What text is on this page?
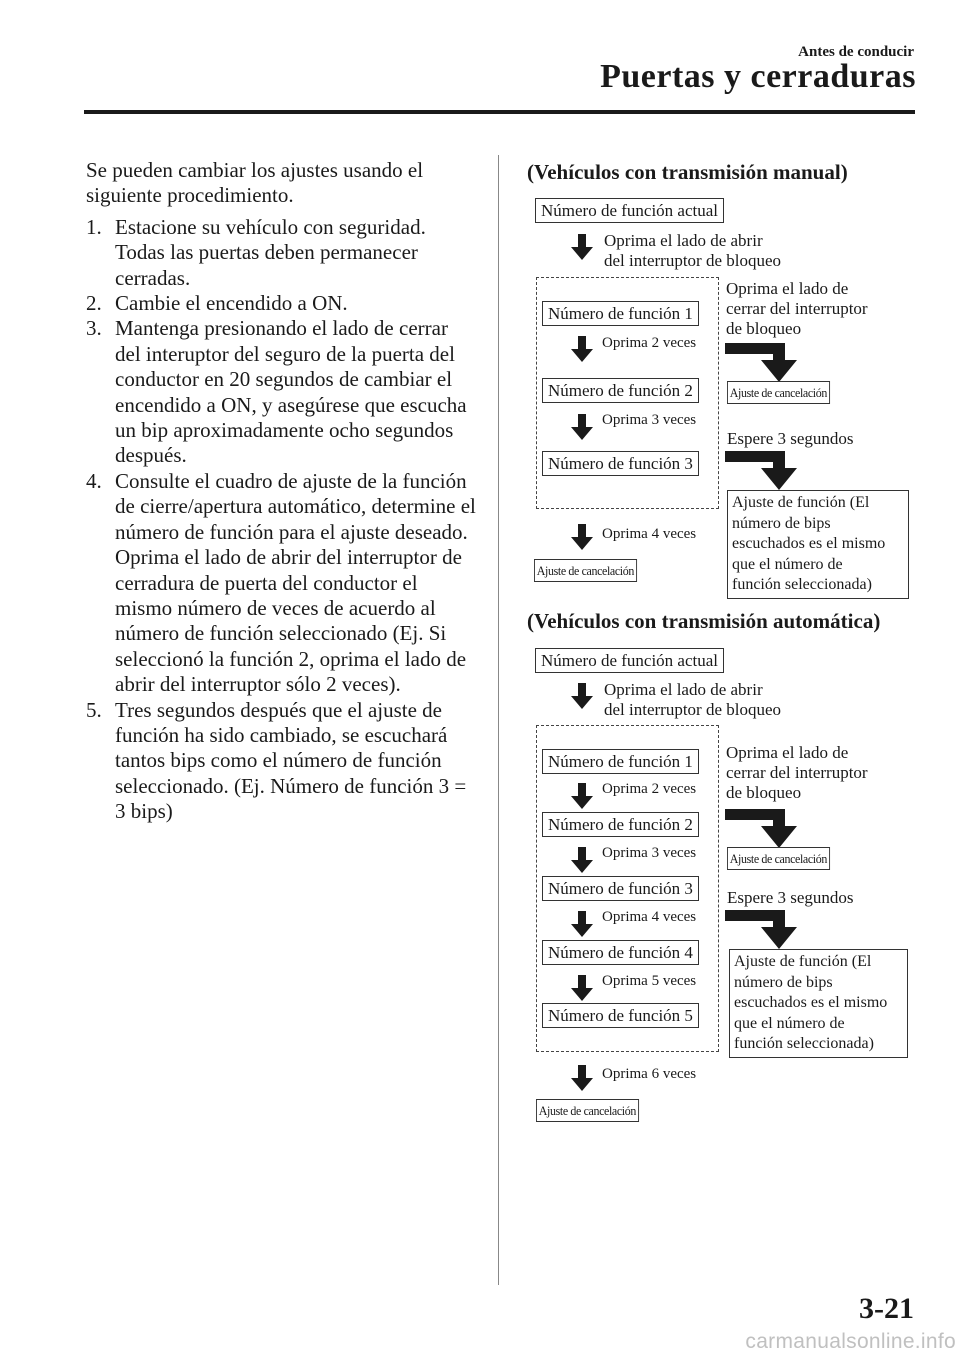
Antes de conducir
Puertas y cerraduras

Se pueden cambiar los ajustes usando el siguiente procedimiento.

1. Estacione su vehículo con seguridad. Todas las puertas deben permanecer cerradas.
2. Cambie el encendido a ON.
3. Mantenga presionando el lado de cerrar del interuptor del seguro de la puerta del conductor en 20 segundos de cambiar el encendido a ON, y asegúrese que escucha un bip aproximadamente ocho segundos después.
4. Consulte el cuadro de ajuste de la función de cierre/apertura automático, determine el número de función para el ajuste deseado. Oprima el lado de abrir del interruptor de cerradura de puerta del conductor el mismo número de veces de acuerdo al número de función seleccionado (Ej. Si seleccionó la función 2, oprima el lado de abrir del interruptor sólo 2 veces).
5. Tres segundos después que el ajuste de función ha sido cambiado, se escuchará tantos bips como el número de función seleccionado. (Ej. Número de función 3 = 3 bips)
(Vehículos con transmisión manual)
Número de función actual
Oprima el lado de abrir
del interruptor de bloqueo
Número de función 1
Oprima 2 veces
Número de función 2
Oprima 3 veces
Número de función 3
Oprima 4 veces
Ajuste de cancelación
Oprima el lado de
cerrar del interruptor
de bloqueo
Ajuste de cancelación
Espere 3 segundos
Ajuste de función (El
número de bips
escuchados es el mismo
que el número de
función seleccionada)
(Vehículos con transmisión automática)
Número de función actual
Oprima el lado de abrir
del interruptor de bloqueo
Número de función 1
Oprima 2 veces
Número de función 2
Oprima 3 veces
Número de función 3
Oprima 4 veces
Número de función 4
Oprima 5 veces
Número de función 5
Oprima 6 veces
Ajuste de cancelación
Oprima el lado de
cerrar del interruptor
de bloqueo
Ajuste de cancelación
Espere 3 segundos
Ajuste de función (El
número de bips
escuchados es el mismo
que el número de
función seleccionada)
3-21
carmanualsonline.info
